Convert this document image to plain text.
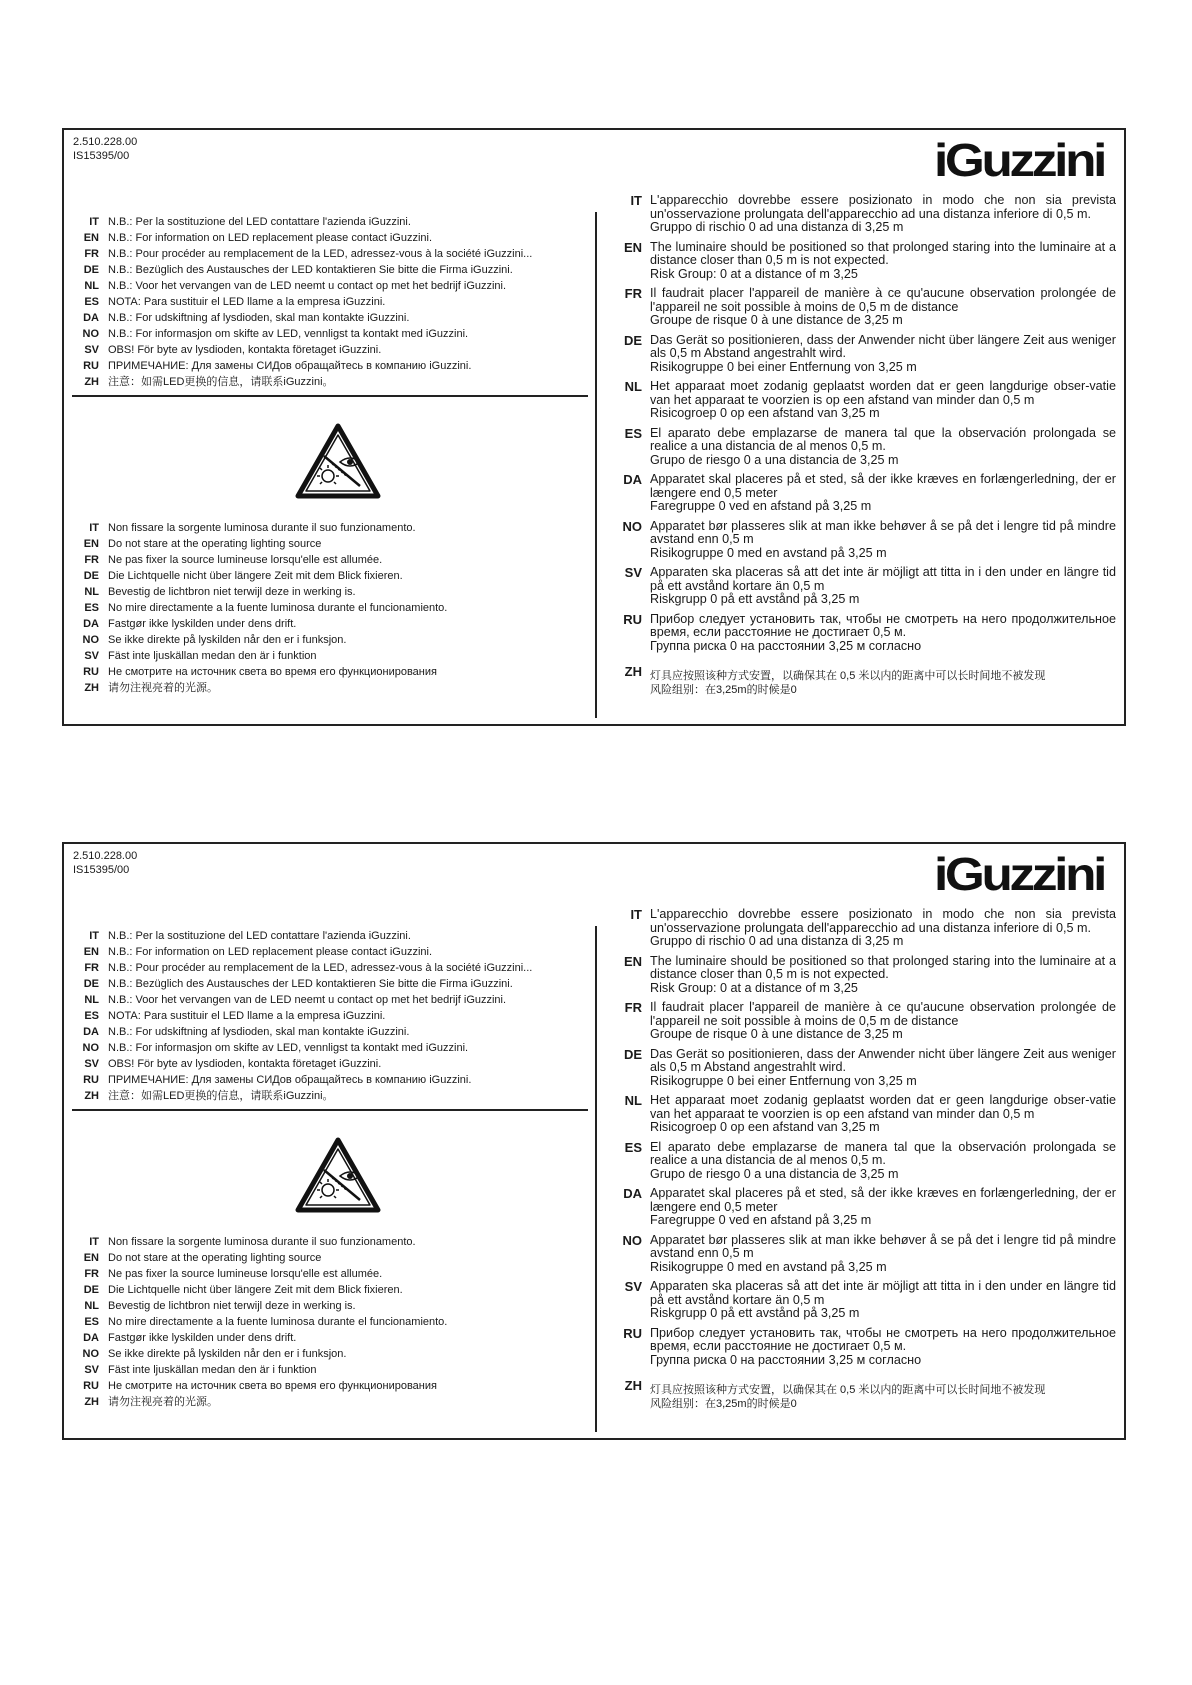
2.510.228.00
IS15395/00	iGuzzini
IT N.B.: Per la sostituzione del LED contattare l'azienda iGuzzini.
EN N.B.: For information on LED replacement please contact iGuzzini.
FR N.B.: Pour procéder au remplacement de la LED, adressez-vous à la société iGuzzini...
DE N.B.: Bezüglich des Austausches der LED kontaktieren Sie bitte die Firma iGuzzini.
NL N.B.: Voor het vervangen van de LED neemt u contact op met het bedrijf iGuzzini.
ES NOTA: Para sustituir el LED llame a la empresa iGuzzini.
DA N.B.: For udskiftning af lysdioden, skal man kontakte iGuzzini.
NO N.B.: For informasjon om skifte av LED, vennligst ta kontakt med iGuzzini.
SV OBS! För byte av lysdioden, kontakta företaget iGuzzini.
RU ПРИМЕЧАНИЕ: Для замены СИДов обращайтесь в компанию iGuzzini.
ZH 注意：如需LED更换的信息，请联系iGuzzini。
IT Non fissare la sorgente luminosa durante il suo funzionamento.
EN Do not stare at the operating lighting source
FR Ne pas fixer la source lumineuse lorsqu'elle est allumée.
DE Die Lichtquelle nicht über längere Zeit mit dem Blick fixieren.
NL Bevestig de lichtbron niet terwijl deze in werking is.
ES No mire directamente a la fuente luminosa durante el funcionamiento.
DA Fastgør ikke lyskilden under dens drift.
NO Se ikke direkte på lyskilden når den er i funksjon.
SV Fäst inte ljuskällan medan den är i funktion
RU Не смотрите на источник света во время его функционирования
ZH 请勿注视亮着的光源。
IT L'apparecchio dovrebbe essere posizionato in modo che non sia prevista un'osservazione prolungata dell'apparecchio ad una distanza inferiore di 0,5 m.
Gruppo di rischio 0 ad una distanza di 3,25 m
EN The luminaire should be positioned so that prolonged staring into the luminaire at a distance closer than 0,5 m is not expected.
Risk Group: 0 at a distance of m 3,25
FR Il faudrait placer l'appareil de manière à ce qu'aucune observation prolongée de l'appareil ne soit possible à moins de 0,5 m de distance
Groupe de risque 0 à une distance de 3,25 m
DE Das Gerät so positionieren, dass der Anwender nicht über längere Zeit aus weniger als 0,5 m Abstand angestrahlt wird.
Risikogruppe 0 bei einer Entfernung von 3,25 m
NL Het apparaat moet zodanig geplaatst worden dat er geen langdurige obser-vatie van het apparaat te voorzien is op een afstand van minder dan 0,5 m
Risicogroep 0 op een afstand van 3,25 m
ES El aparato debe emplazarse de manera tal que la observación prolongada se realice a una distancia de al menos 0,5 m.
Grupo de riesgo 0 a una distancia de 3,25 m
DA Apparatet skal placeres på et sted, så der ikke kræves en forlængerledning, der er længere end 0,5 meter
Faregruppe 0 ved en afstand på 3,25 m
NO Apparatet bør plasseres slik at man ikke behøver å se på det i lengre tid på mindre avstand enn 0,5 m
Risikogruppe 0 med en avstand på 3,25 m
SV Apparaten ska placeras så att det inte är möjligt att titta in i den under en längre tid på ett avstånd kortare än 0,5 m
Riskgrupp 0 på ett avstånd på 3,25 m
RU Прибор следует установить так, чтобы не смотреть на него продолжительное время, если расстояние не достигает 0,5 м.
Группа риска 0 на расстоянии 3,25 м согласно
ZH 灯具应按照该种方式安置，以确保其在 0,5 米以内的距离中可以长时间地不被发现
风险组别：在3,25m的时候是0
2.510.228.00
IS15395/00	iGuzzini
IT N.B.: Per la sostituzione del LED contattare l'azienda iGuzzini.
EN N.B.: For information on LED replacement please contact iGuzzini.
FR N.B.: Pour procéder au remplacement de la LED, adressez-vous à la société iGuzzini...
DE N.B.: Bezüglich des Austausches der LED kontaktieren Sie bitte die Firma iGuzzini.
NL N.B.: Voor het vervangen van de LED neemt u contact op met het bedrijf iGuzzini.
ES NOTA: Para sustituir el LED llame a la empresa iGuzzini.
DA N.B.: For udskiftning af lysdioden, skal man kontakte iGuzzini.
NO N.B.: For informasjon om skifte av LED, vennligst ta kontakt med iGuzzini.
SV OBS! För byte av lysdioden, kontakta företaget iGuzzini.
RU ПРИМЕЧАНИЕ: Для замены СИДов обращайтесь в компанию iGuzzini.
ZH 注意：如需LED更换的信息，请联系iGuzzini。
IT Non fissare la sorgente luminosa durante il suo funzionamento.
EN Do not stare at the operating lighting source
FR Ne pas fixer la source lumineuse lorsqu'elle est allumée.
DE Die Lichtquelle nicht über längere Zeit mit dem Blick fixieren.
NL Bevestig de lichtbron niet terwijl deze in werking is.
ES No mire directamente a la fuente luminosa durante el funcionamiento.
DA Fastgør ikke lyskilden under dens drift.
NO Se ikke direkte på lyskilden når den er i funksjon.
SV Fäst inte ljuskällan medan den är i funktion
RU Не смотрите на источник света во время его функционирования
ZH 请勿注视亮着的光源。
IT L'apparecchio dovrebbe essere posizionato in modo che non sia prevista un'osservazione prolungata dell'apparecchio ad una distanza inferiore di 0,5 m.
Gruppo di rischio 0 ad una distanza di 3,25 m
EN The luminaire should be positioned so that prolonged staring into the luminaire at a distance closer than 0,5 m is not expected.
Risk Group: 0 at a distance of m 3,25
FR Il faudrait placer l'appareil de manière à ce qu'aucune observation prolongée de l'appareil ne soit possible à moins de 0,5 m de distance
Groupe de risque 0 à une distance de 3,25 m
DE Das Gerät so positionieren, dass der Anwender nicht über längere Zeit aus weniger als 0,5 m Abstand angestrahlt wird.
Risikogruppe 0 bei einer Entfernung von 3,25 m
NL Het apparaat moet zodanig geplaatst worden dat er geen langdurige obser-vatie van het apparaat te voorzien is op een afstand van minder dan 0,5 m
Risicogroep 0 op een afstand van 3,25 m
ES El aparato debe emplazarse de manera tal que la observación prolongada se realice a una distancia de al menos 0,5 m.
Grupo de riesgo 0 a una distancia de 3,25 m
DA Apparatet skal placeres på et sted, så der ikke kræves en forlængerledning, der er længere end 0,5 meter
Faregruppe 0 ved en afstand på 3,25 m
NO Apparatet bør plasseres slik at man ikke behøver å se på det i lengre tid på mindre avstand enn 0,5 m
Risikogruppe 0 med en avstand på 3,25 m
SV Apparaten ska placeras så att det inte är möjligt att titta in i den under en längre tid på ett avstånd kortare än 0,5 m
Riskgrupp 0 på ett avstånd på 3,25 m
RU Прибор следует установить так, чтобы не смотреть на него продолжительное время, если расстояние не достигает 0,5 м.
Группа риска 0 на расстоянии 3,25 м согласно
ZH 灯具应按照该种方式安置，以确保其在 0,5 米以内的距离中可以长时间地不被发现
风险组别：在3,25m的时候是0
